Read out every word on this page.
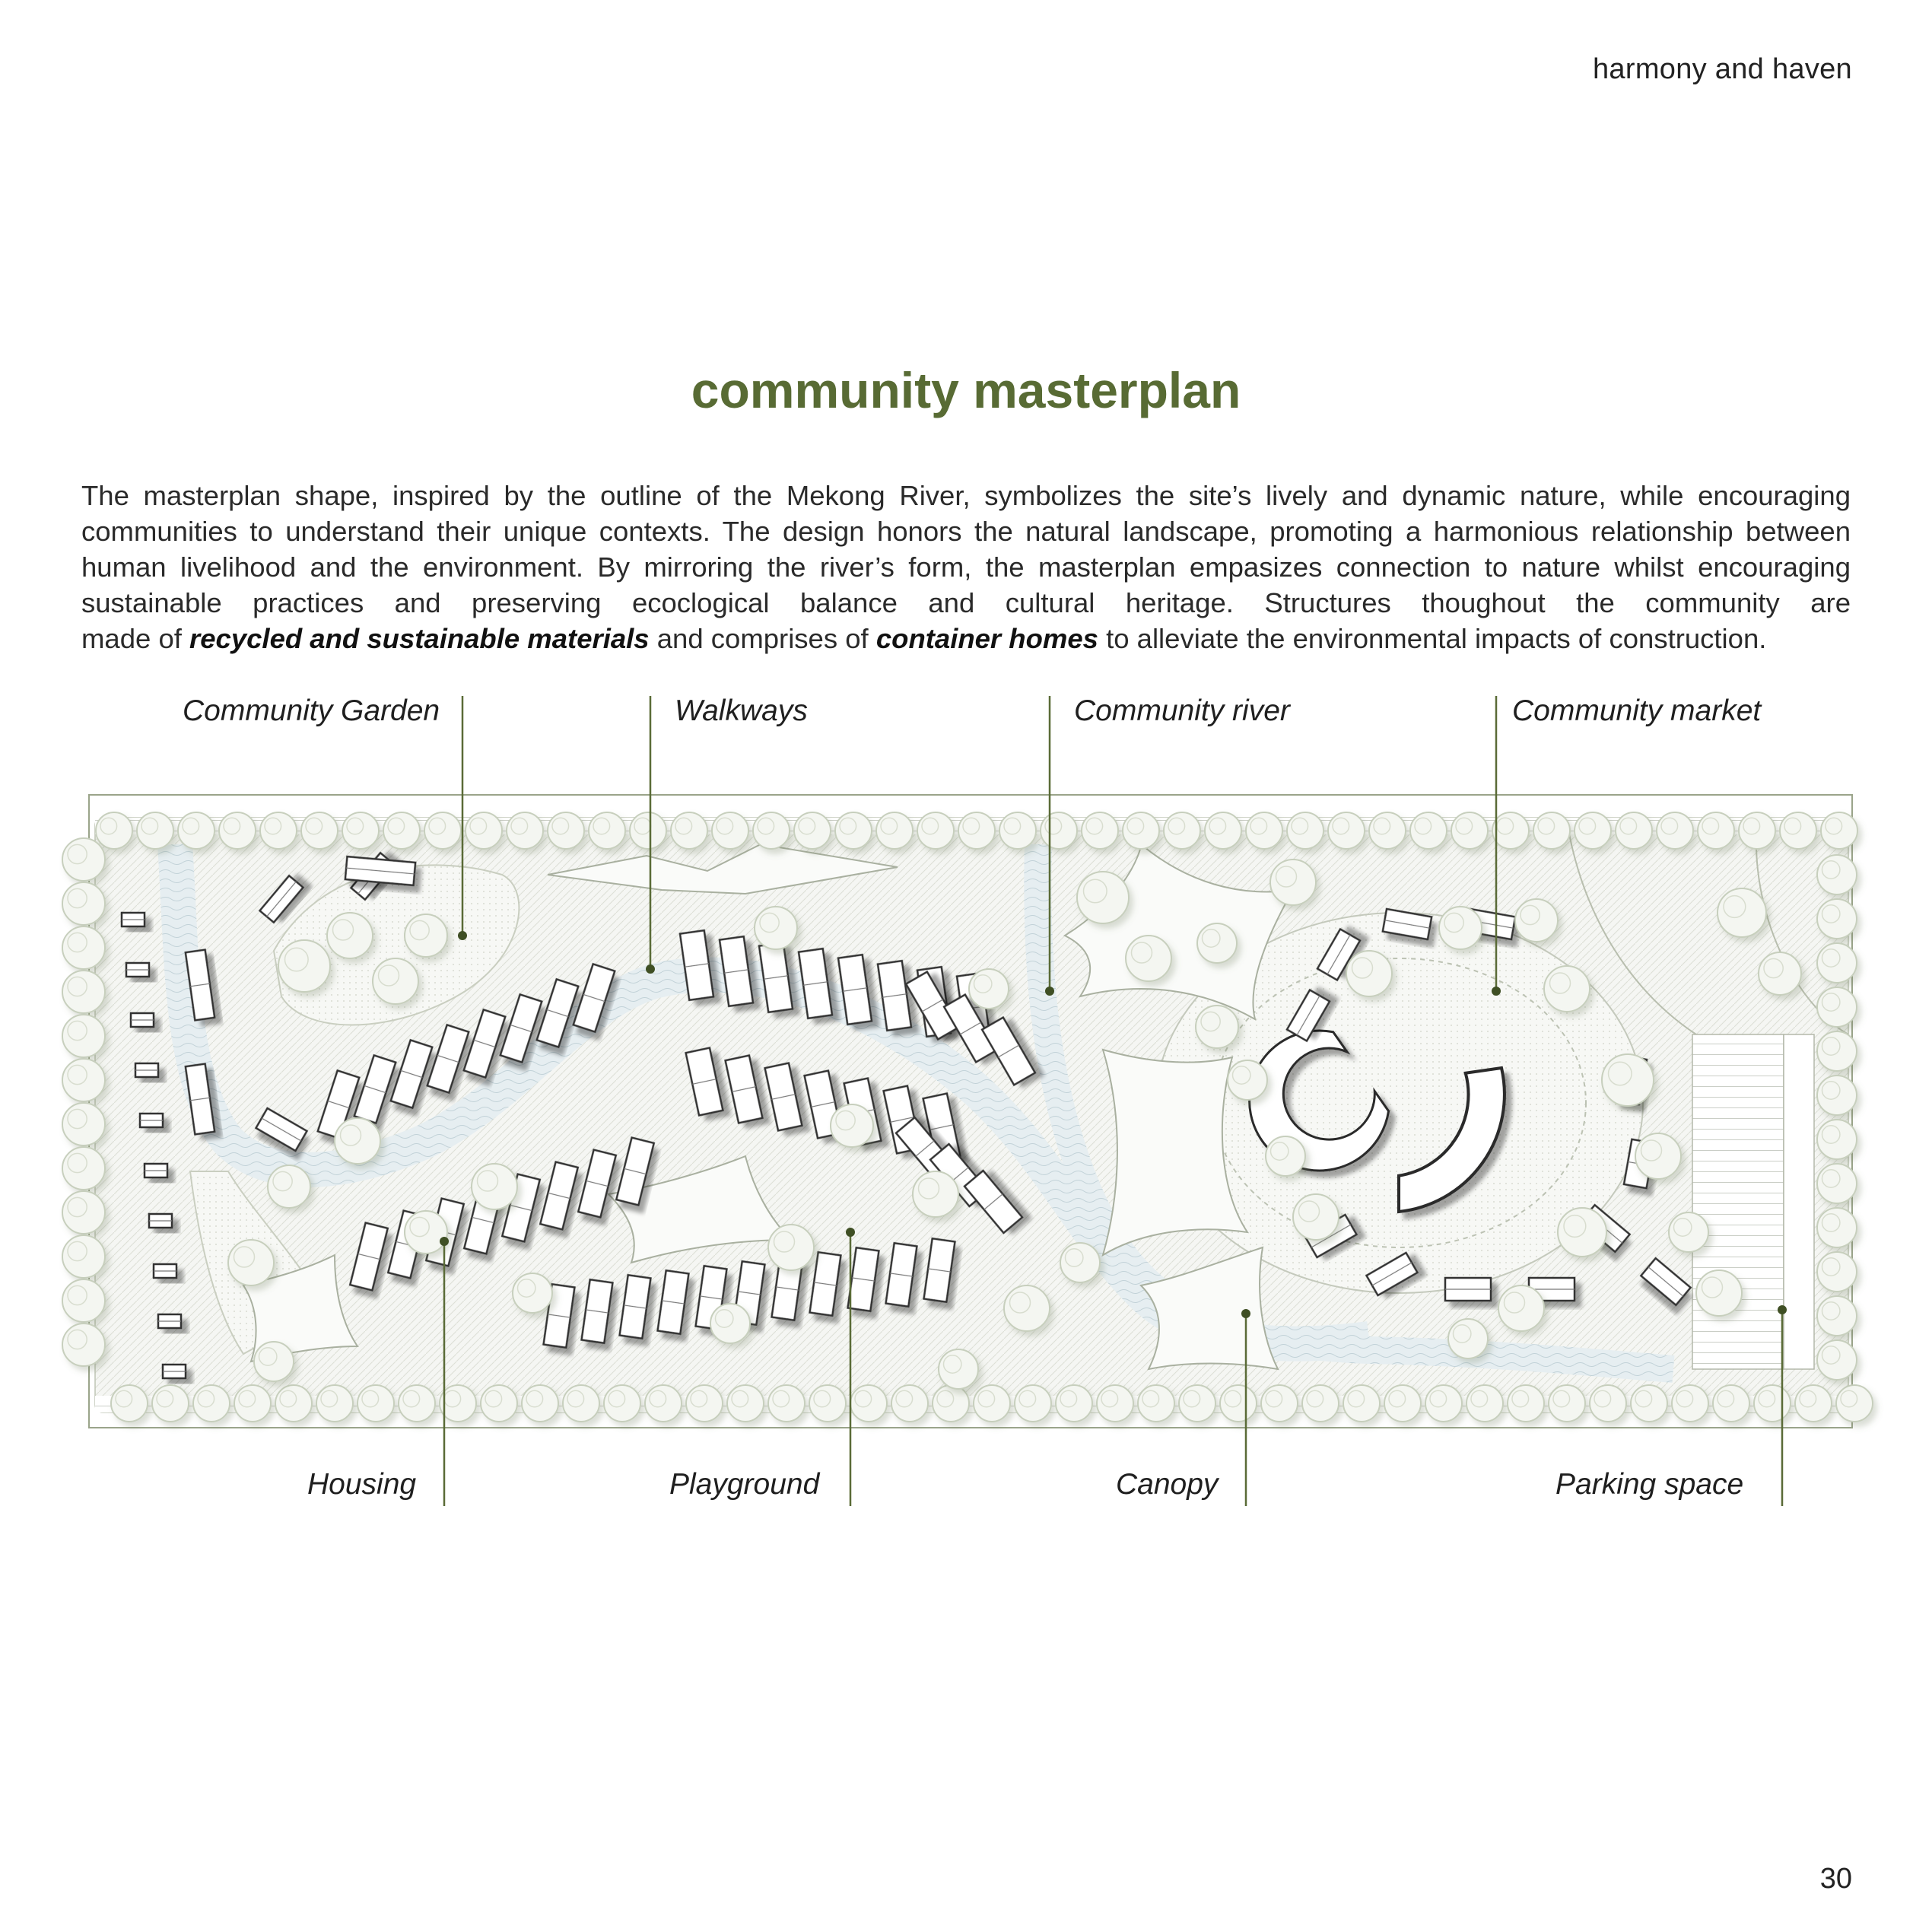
harmony and haven
community masterplan

The masterplan shape, inspired by the outline of the Mekong River, symbolizes the site’s lively and dynamic nature, while encouraging communities to understand their unique contexts. The design honors the natural landscape, promoting a harmonious relationship between human livelihood and the environment. By mirroring the river’s form, the masterplan empasizes connection to nature whilst encouraging sustainable practices and preserving ecoclogical balance and cultural heritage. Structures thoughout the community are
made of recycled and sustainable materials and comprises of container homes to alleviate the environmental impacts of construction.

Community Garden	Walkways	Community river	Community market
Housing	Playground	Canopy	Parking space
30
